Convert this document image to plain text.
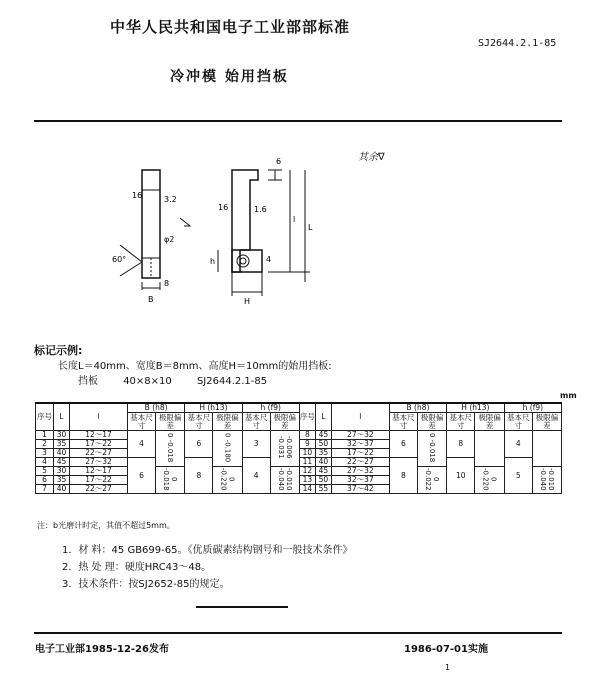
中华人民共和国电子工业部部标准
SJ2644.2.1-85
冷冲模 始用挡板
其余∇
16	3.2
60°
φ2
8
B
6
16	1.6
l
L
4
h
H
标记示例:
长度L＝40mm、宽度B＝8mm、高度H＝10mm的始用挡板:
挡板	40×8×10	SJ2644.2.1-85
mm
序号	L	l	B (h8)		H (h13)		h (f9)		序号	L	l	B (h8)		H (h13)		h (f9)	
			基本尺寸	极限偏差	基本尺寸	极限偏差	基本尺寸	极限偏差				基本尺寸	极限偏差	基本尺寸	极限偏差	基本尺寸	极限偏差
1	30	12～17	4	0 -0.018	6	0 -0.180	3	-0.006 -0.031	8	45	27～32	6	0 -0.018	8		4	
2	35	17～22							9	50	32～37						
3	40	22～27							10	35	17～22						
4	45	27～32	6		8		4		11	40	22～27	8		10		5	
5	30	12～17		0 -0.018		0 -0.220		-0.010 -0.040	12	45	27～32		0 -0.022		0 -0.220		-0.010 -0.040
6	35	17～22							13	50	32～37						
7	40	22～27							14	55	37～42						
注：b光磨计时定，其值不超过5mm。
1．材 料：45 GB699-65。《优质碳素结构钢号和一般技术条件》
2．热 处 理：硬度HRC43～48。
3．技术条件：按SJ2652-85的规定。
电子工业部1985-12-26发布	1986-07-01实施
1
